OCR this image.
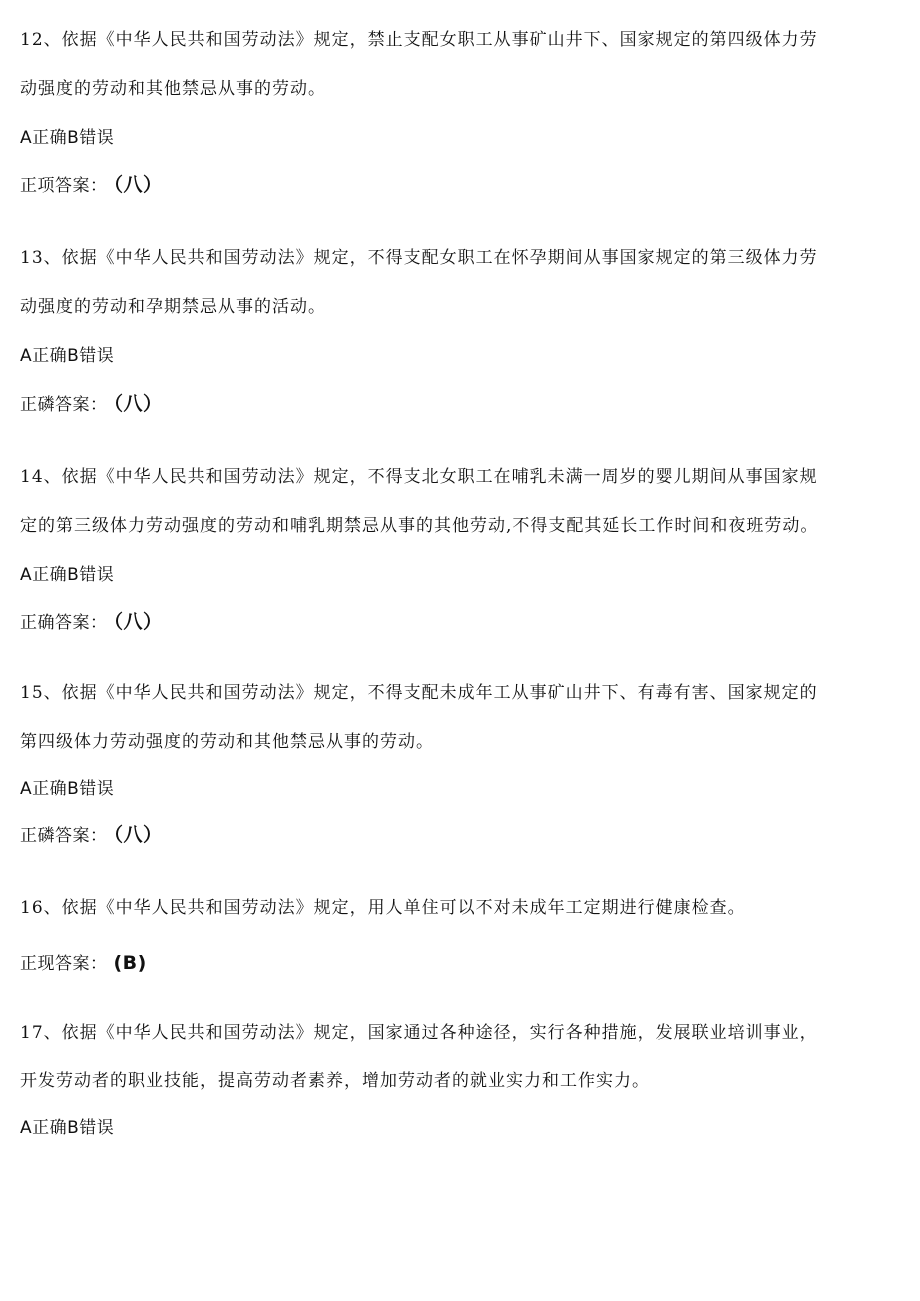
12、依据《中华人民共和国劳动法》规定，禁止支配女职工从事矿山井下、国家规定的第四级体力劳
动强度的劳动和其他禁忌从事的劳动。
A正确B错误
正项答案： （八）
13、依据《中华人民共和国劳动法》规定，不得支配女职工在怀孕期间从事国家规定的第三级体力劳
动强度的劳动和孕期禁忌从事的活动。
A正确B错误
正磷答案： （八）
14、依据《中华人民共和国劳动法》规定，不得支北女职工在哺乳未满一周岁的婴儿期间从事国家规
定的第三级体力劳动强度的劳动和哺乳期禁忌从事的其他劳动,不得支配其延长工作时间和夜班劳动。
A正确B错误
正确答案： （八）
15、依据《中华人民共和国劳动法》规定，不得支配未成年工从事矿山井下、有毒有害、国家规定的
第四级体力劳动强度的劳动和其他禁忌从事的劳动。
A正确B错误
正磷答案： （八）
16、依据《中华人民共和国劳动法》规定，用人单住可以不对未成年工定期进行健康检查。
正现答案： (B)
17、依据《中华人民共和国劳动法》规定，国家通过各种途径，实行各种措施，发展联业培训事业，
开发劳动者的职业技能，提高劳动者素养，增加劳动者的就业实力和工作实力。
A正确B错误
